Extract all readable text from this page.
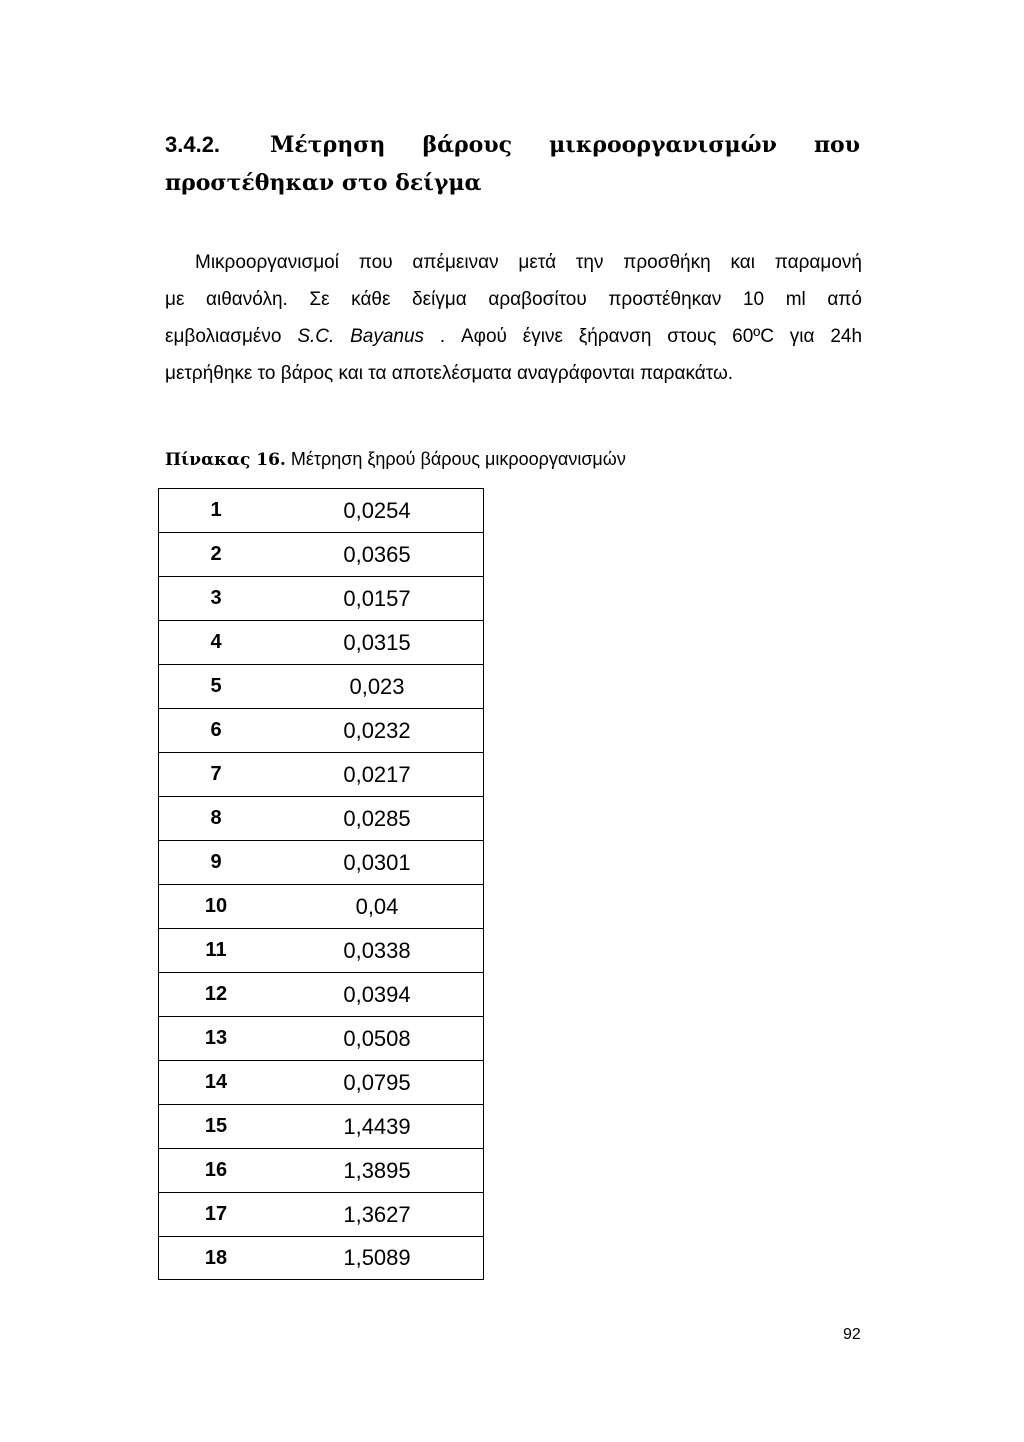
3.4.2. Μέτρηση βάρους μικροοργανισμών που
προστέθηκαν στο δείγμα
Μικροοργανισμοί που απέμειναν μετά την προσθήκη και παραμονή
με αιθανόλη. Σε κάθε δείγμα αραβοσίτου προστέθηκαν 10 ml από
εμβολιασμένο S.C. Bayanus . Αφού έγινε ξήρανση στους 60ºC για 24h
μετρήθηκε το βάρος και τα αποτελέσματα αναγράφονται παρακάτω.
Πίνακας 16. Μέτρηση ξηρού βάρους μικροοργανισμών
1	0,0254
2	0,0365
3	0,0157
4	0,0315
5	0,023
6	0,0232
7	0,0217
8	0,0285
9	0,0301
10	0,04
11	0,0338
12	0,0394
13	0,0508
14	0,0795
15	1,4439
16	1,3895
17	1,3627
18	1,5089
92
